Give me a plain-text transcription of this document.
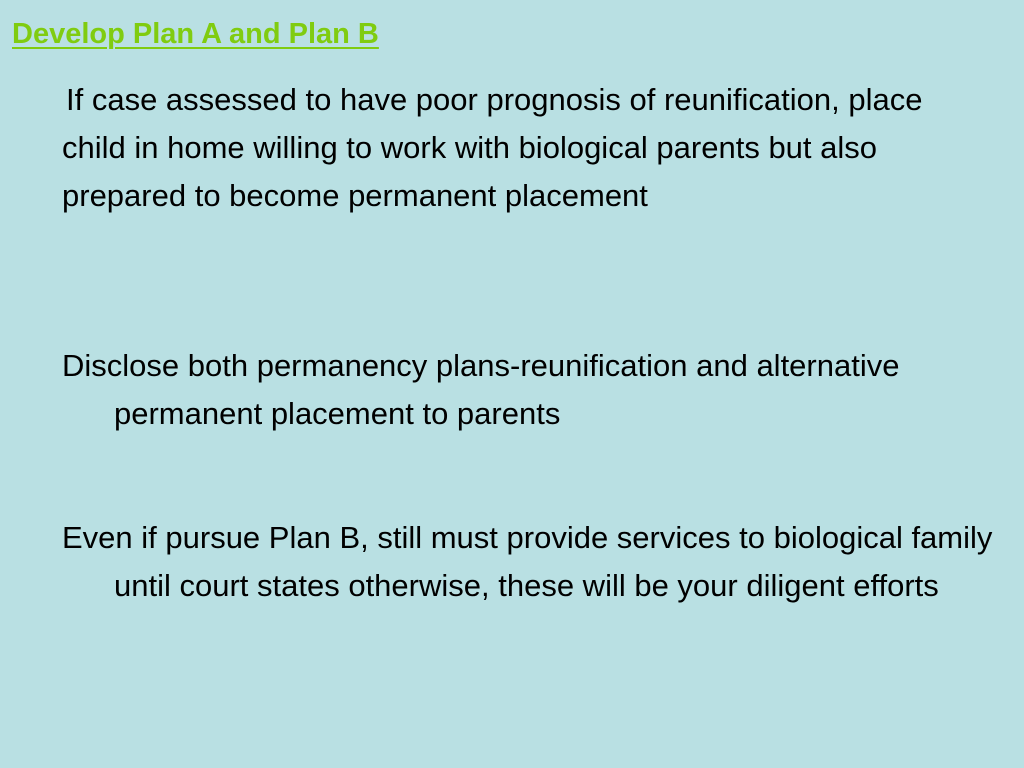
Develop Plan A and Plan B

If case assessed to have poor prognosis of reunification, place child in home willing to work with biological parents but also prepared to become permanent placement

Disclose both permanency plans-reunification and alternative permanent placement to parents

Even if pursue Plan B, still must provide services to biological family until court states otherwise, these will be your diligent efforts
